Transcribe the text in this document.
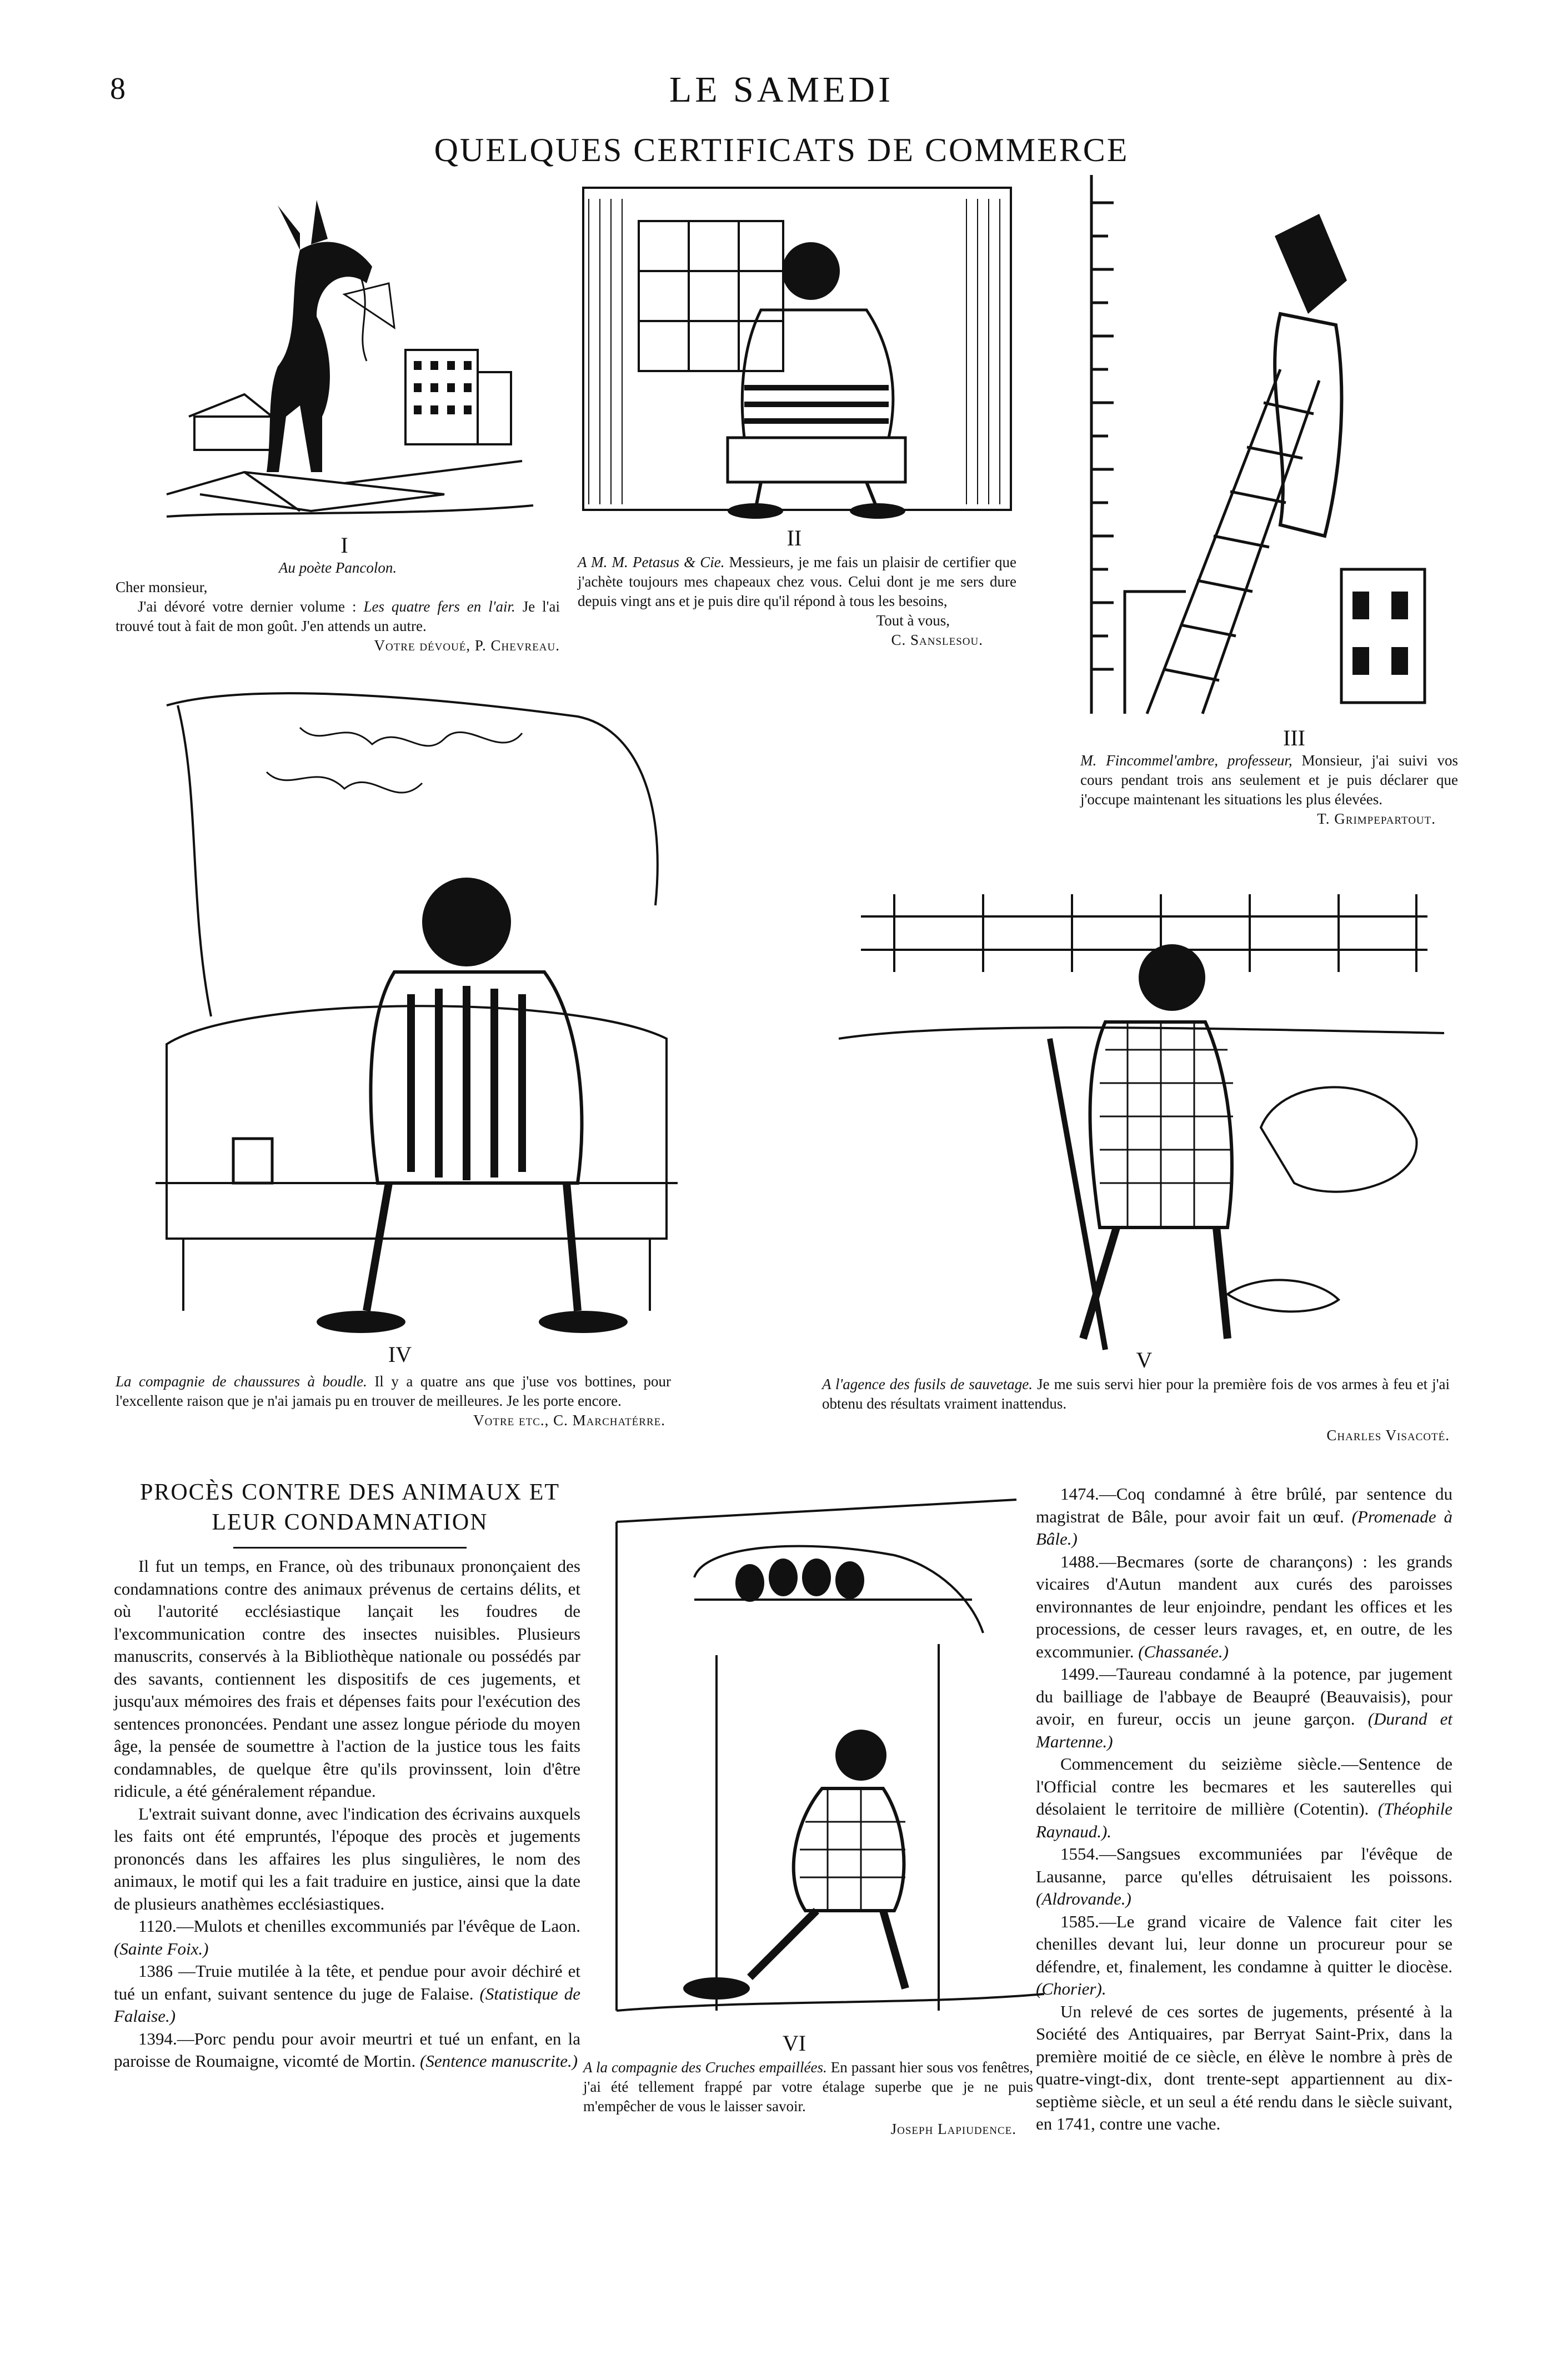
8	LE SAMEDI
QUELQUES CERTIFICATS DE COMMERCE
I
Au poète Pancolon.
Cher monsieur,
J'ai dévoré votre dernier volume : Les quatre fers en l'air. Je l'ai trouvé tout à fait de mon goût. J'en attends un autre.
Votre dévoué, P. Chevreau.
II
A M. M. Petasus & Cie. Messieurs, je me fais un plaisir de certifier que j'achète toujours mes chapeaux chez vous. Celui dont je me sers dure depuis vingt ans et je puis dire qu'il répond à tous les besoins,
Tout à vous,
C. Sanslesou.
III
M. Fincommel'ambre, professeur, Monsieur, j'ai suivi vos cours pendant trois ans seulement et je puis déclarer que j'occupe maintenant les situations les plus élevées.
T. Grimpepartout.
IV
La compagnie de chaussures à boudle. Il y a quatre ans que j'use vos bottines, pour l'excellente raison que je n'ai jamais pu en trouver de meilleures. Je les porte encore.
Votre etc., C. Marchatérre.
V
A l'agence des fusils de sauvetage. Je me suis servi hier pour la première fois de vos armes à feu et j'ai obtenu des résultats vraiment inattendus.
Charles Visacoté.
PROCÈS CONTRE DES ANIMAUX ET
LEUR CONDAMNATION

Il fut un temps, en France, où des tribunaux prononçaient des condamnations contre des animaux prévenus de certains délits, et où l'autorité ecclésiastique lançait les foudres de l'excommunication contre des insectes nuisibles. Plusieurs manuscrits, conservés à la Bibliothèque nationale ou possédés par des savants, contiennent les dispositifs de ces jugements, et jusqu'aux mémoires des frais et dépenses faits pour l'exécution des sentences prononcées. Pendant une assez longue période du moyen âge, la pensée de soumettre à l'action de la justice tous les faits condamnables, de quelque être qu'ils provinssent, loin d'être ridicule, a été généralement répandue.

L'extrait suivant donne, avec l'indication des écrivains auxquels les faits ont été empruntés, l'époque des procès et jugements prononcés dans les affaires les plus singulières, le nom des animaux, le motif qui les a fait traduire en justice, ainsi que la date de plusieurs anathèmes ecclésiastiques.

1120.—Mulots et chenilles excommuniés par l'évêque de Laon. (Sainte Foix.)

1386 —Truie mutilée à la tête, et pendue pour avoir déchiré et tué un enfant, suivant sentence du juge de Falaise. (Statistique de Falaise.)

1394.—Porc pendu pour avoir meurtri et tué un enfant, en la paroisse de Roumaigne, vicomté de Mortin. (Sentence manuscrite.)

VI
A la compagnie des Cruches empaillées. En passant hier sous vos fenêtres, j'ai été tellement frappé par votre étalage superbe que je ne puis m'empêcher de vous le laisser savoir.
Joseph Lapiudence.

1474.—Coq condamné à être brûlé, par sentence du magistrat de Bâle, pour avoir fait un œuf. (Promenade à Bâle.)

1488.—Becmares (sorte de charançons) : les grands vicaires d'Autun mandent aux curés des paroisses environnantes de leur enjoindre, pendant les offices et les processions, de cesser leurs ravages, et, en outre, de les excommunier. (Chassanée.)

1499.—Taureau condamné à la potence, par jugement du bailliage de l'abbaye de Beaupré (Beauvaisis), pour avoir, en fureur, occis un jeune garçon. (Durand et Martenne.)

Commencement du seizième siècle.—Sentence de l'Official contre les becmares et les sauterelles qui désolaient le territoire de millière (Cotentin). (Théophile Raynaud.).

1554.—Sangsues excommuniées par l'évêque de Lausanne, parce qu'elles détruisaient les poissons. (Aldrovande.)

1585.—Le grand vicaire de Valence fait citer les chenilles devant lui, leur donne un procureur pour se défendre, et, finalement, les condamne à quitter le diocèse. (Chorier).

Un relevé de ces sortes de jugements, présenté à la Société des Antiquaires, par Berryat Saint-Prix, dans la première moitié de ce siècle, en élève le nombre à près de quatre-vingt-dix, dont trente-sept appartiennent au dix-septième siècle, et un seul a été rendu dans le siècle suivant, en 1741, contre une vache.
